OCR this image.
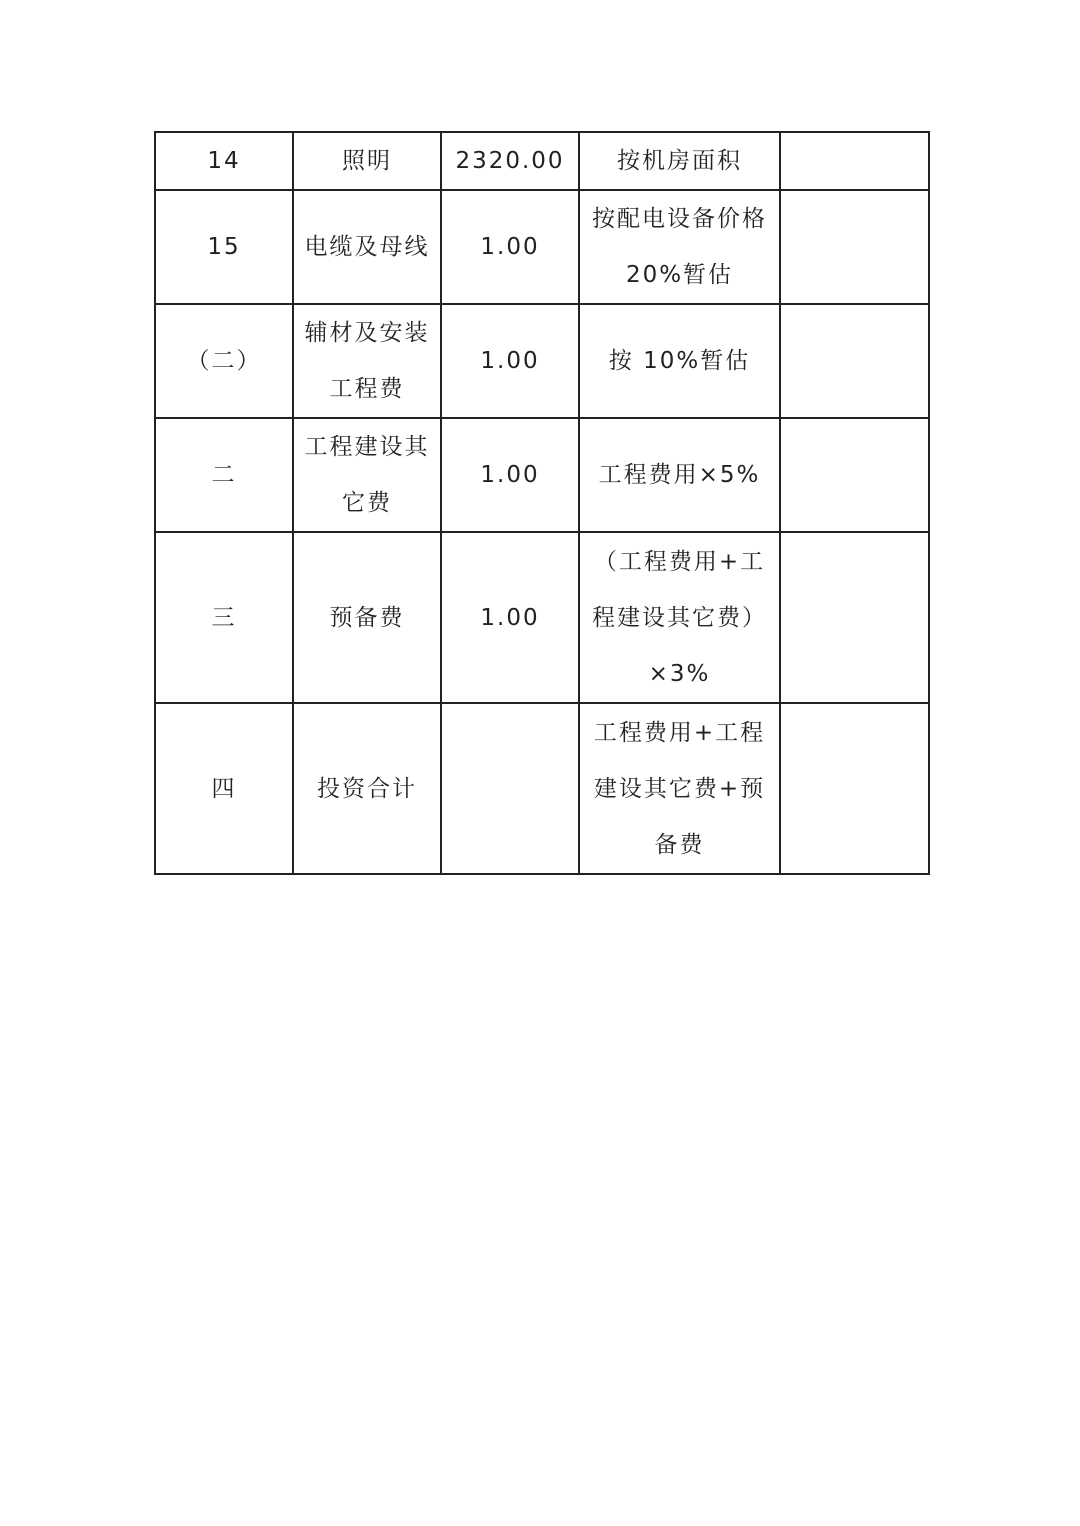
14	照明	2320.00	按机房面积	

15	电缆及母线	1.00	按配电设备价格
20%暂估	

（二）	辅材及安装
工程费	1.00	按 10%暂估	

二	工程建设其
它费	1.00	工程费用×5%	

三	预备费	1.00	（工程费用+工
程建设其它费）
×3%	

四	投资合计		工程费用+工程
建设其它费+预
备费	
